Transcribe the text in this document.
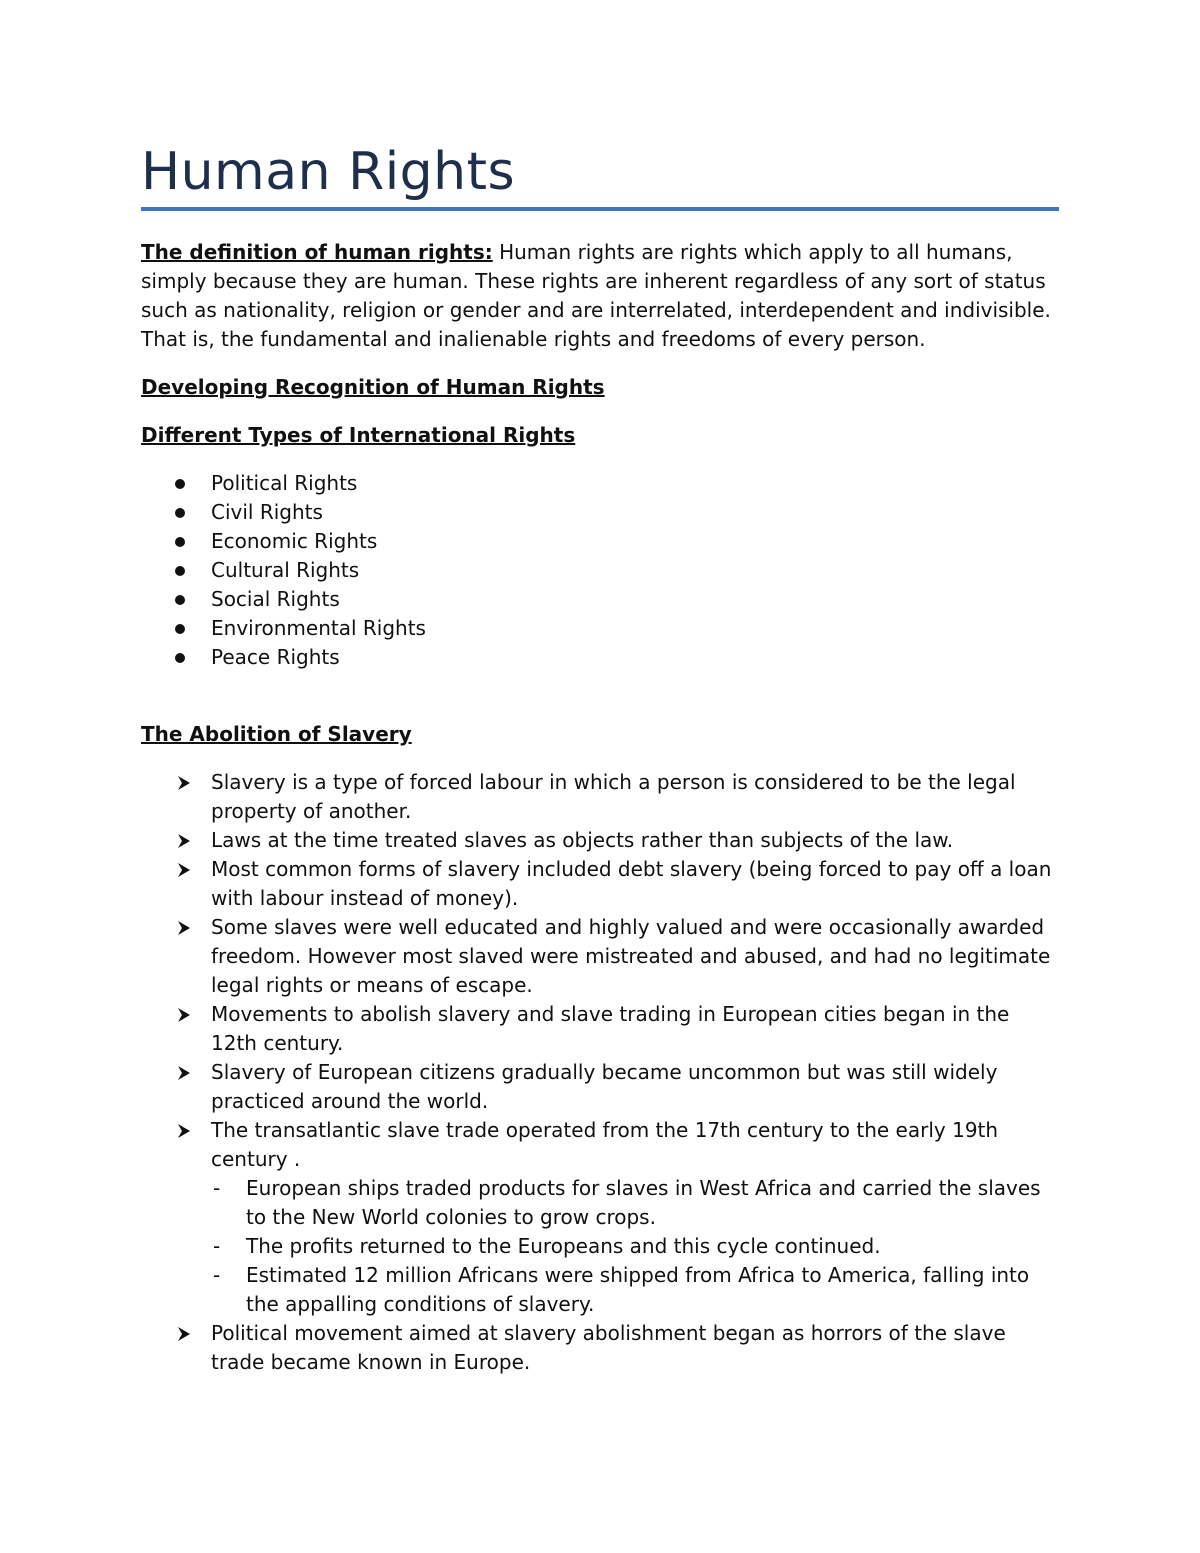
Human Rights

The definition of human rights: Human rights are rights which apply to all humans, simply because they are human. These rights are inherent regardless of any sort of status such as nationality, religion or gender and are interrelated, interdependent and indivisible. That is, the fundamental and inalienable rights and freedoms of every person.

Developing Recognition of Human Rights

Different Types of International Rights

Political Rights
Civil Rights
Economic Rights
Cultural Rights
Social Rights
Environmental Rights
Peace Rights

The Abolition of Slavery

Slavery is a type of forced labour in which a person is considered to be the legal property of another.
Laws at the time treated slaves as objects rather than subjects of the law.
Most common forms of slavery included debt slavery (being forced to pay off a loan with labour instead of money).
Some slaves were well educated and highly valued and were occasionally awarded freedom. However most slaved were mistreated and abused, and had no legitimate legal rights or means of escape.
Movements to abolish slavery and slave trading in European cities began in the 12th century.
Slavery of European citizens gradually became uncommon but was still widely practiced around the world.
The transatlantic slave trade operated from the 17th century to the early 19th century .
- European ships traded products for slaves in West Africa and carried the slaves to the New World colonies to grow crops.
- The profits returned to the Europeans and this cycle continued.
- Estimated 12 million Africans were shipped from Africa to America, falling into the appalling conditions of slavery.
Political movement aimed at slavery abolishment began as horrors of the slave trade became known in Europe.
